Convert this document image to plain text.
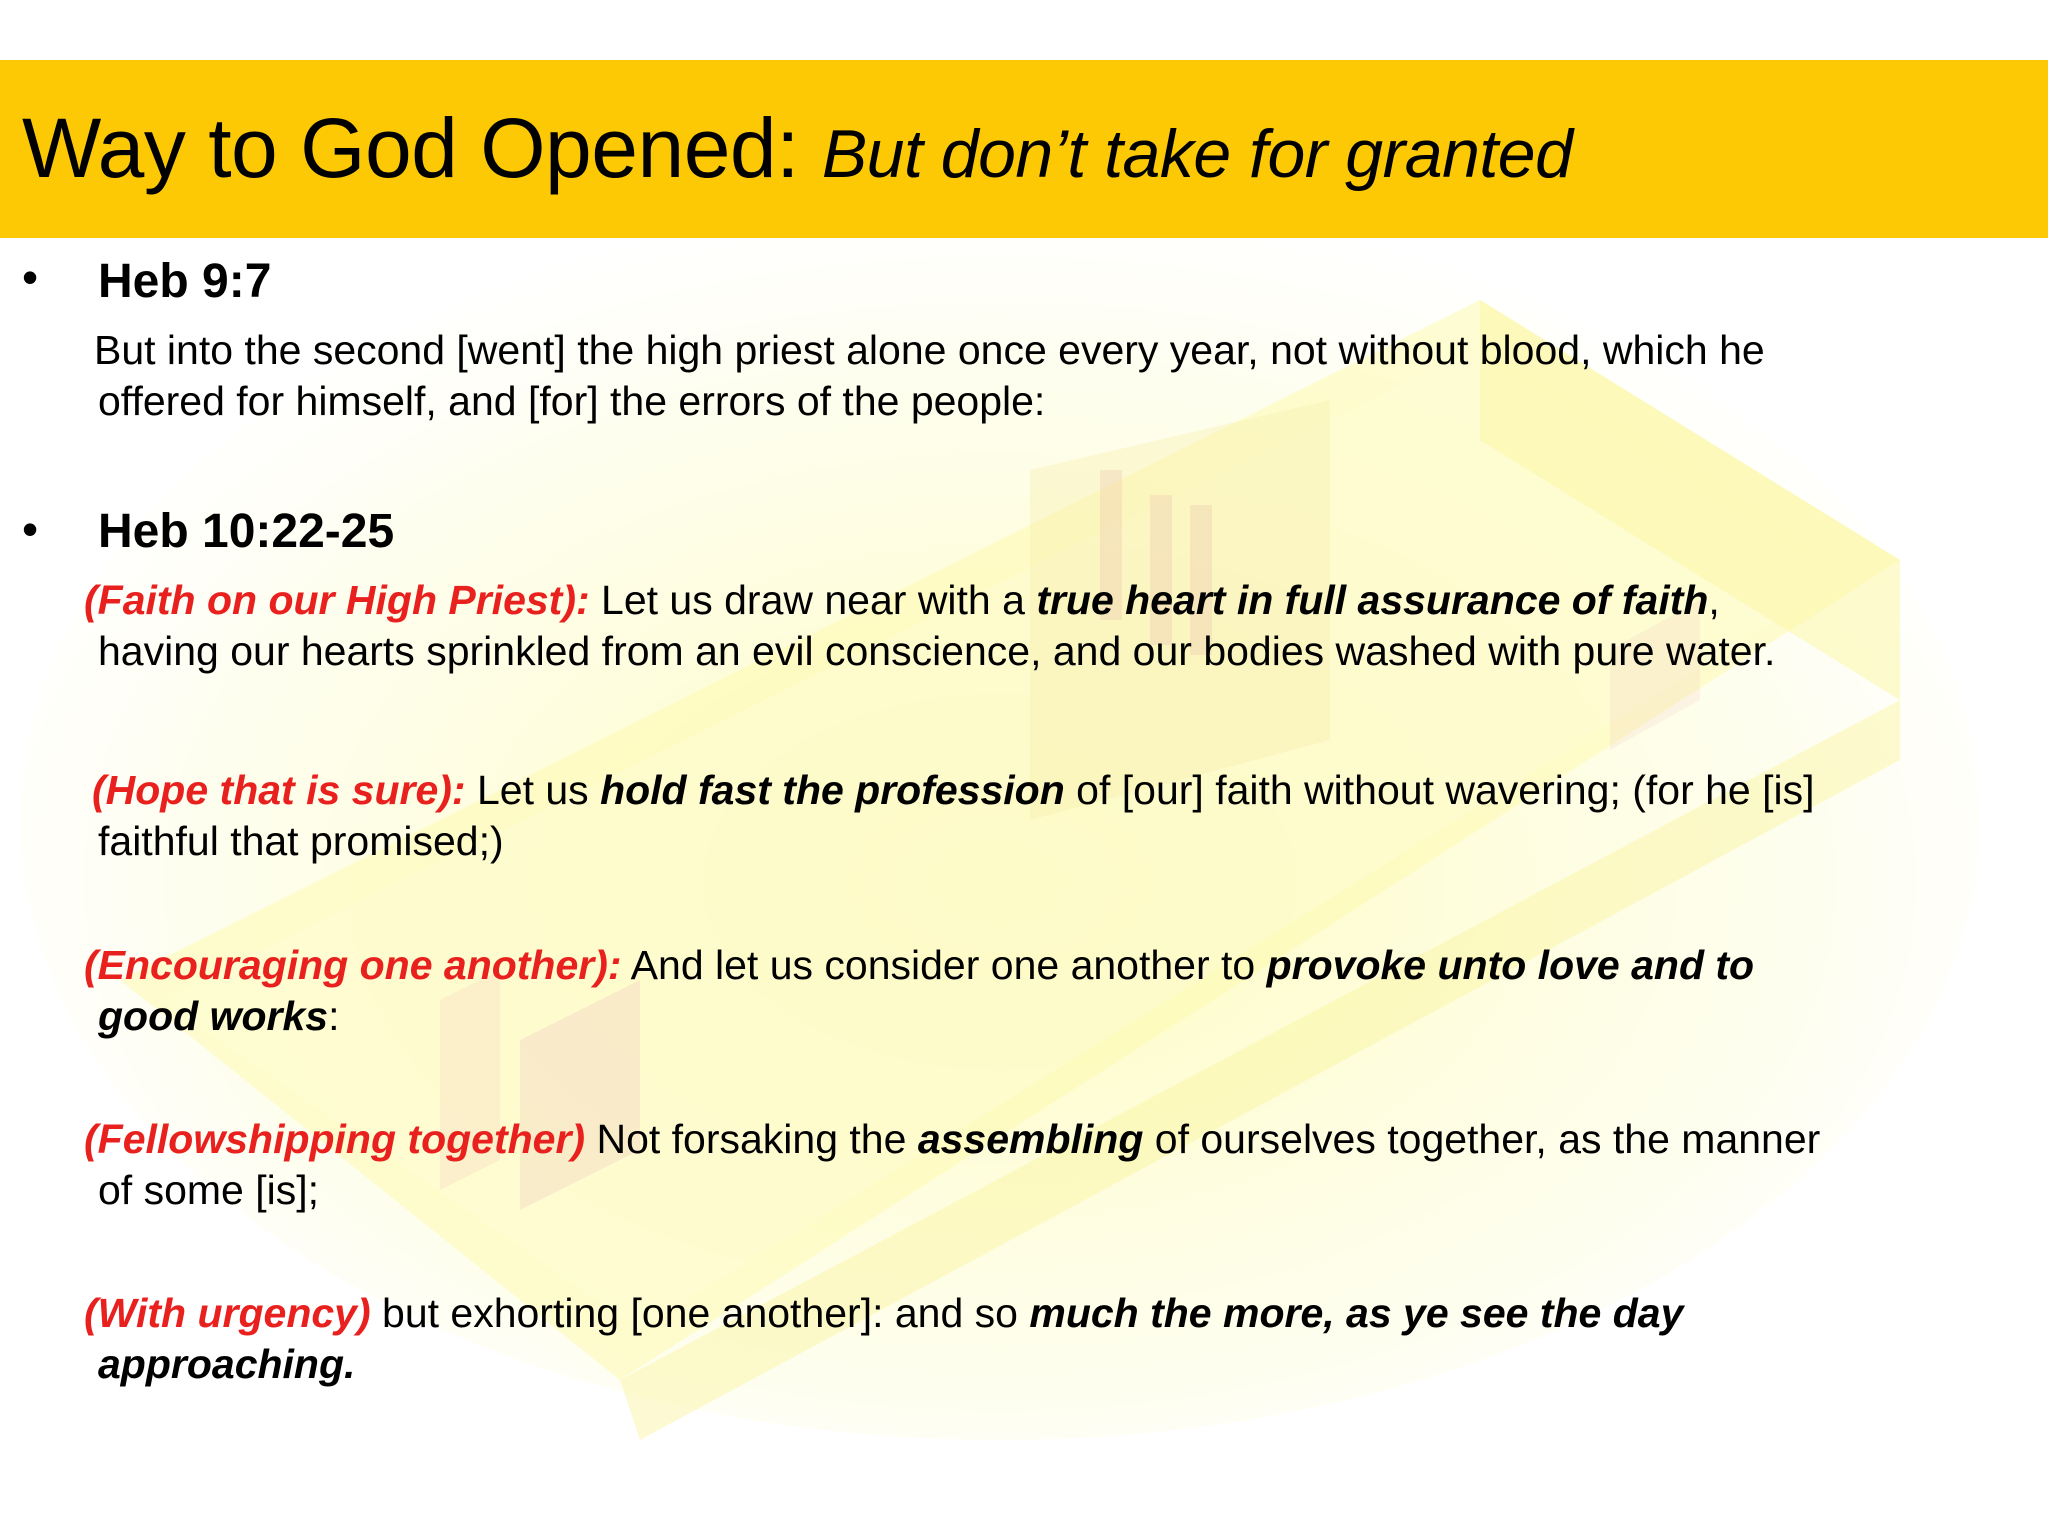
Way to God Opened: But don’t take for granted
• Heb 9:7
But into the second [went] the high priest alone once every year, not without blood, which he
offered for himself, and [for] the errors of the people:
• Heb 10:22-25
(Faith on our High Priest): Let us draw near with a true heart in full assurance of faith,
having our hearts sprinkled from an evil conscience, and our bodies washed with pure water.
(Hope that is sure): Let us hold fast the profession of [our] faith without wavering; (for he [is]
faithful that promised;)
(Encouraging one another): And let us consider one another to provoke unto love and to
good works:
(Fellowshipping together) Not forsaking the assembling of ourselves together, as the manner
of some [is];
(With urgency) but exhorting [one another]: and so much the more, as ye see the day
approaching.
